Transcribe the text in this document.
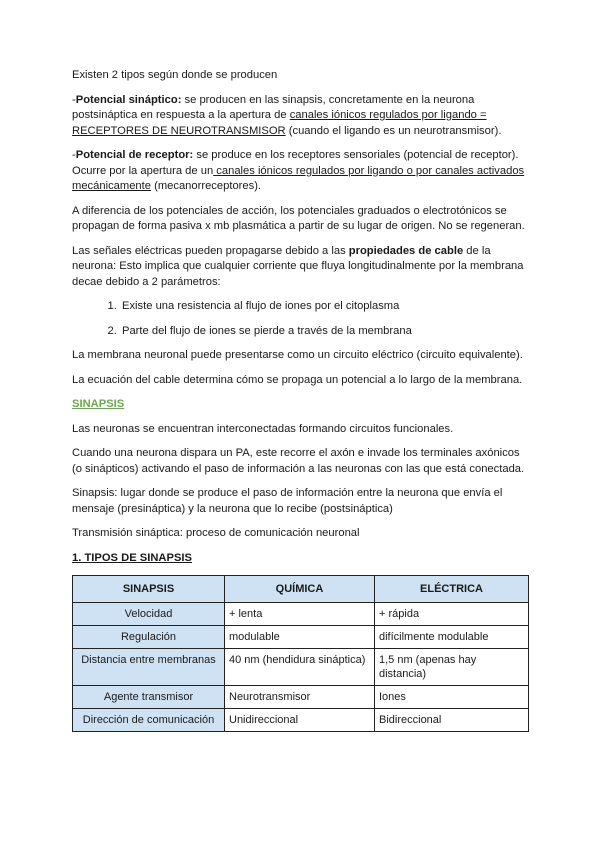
Existen 2 tipos según donde se producen

-Potencial sináptico: se producen en las sinapsis, concretamente en la neurona postsináptica en respuesta a la apertura de canales iónicos regulados por ligando = RECEPTORES DE NEUROTRANSMISOR (cuando el ligando es un neurotransmisor).

-Potencial de receptor: se produce en los receptores sensoriales (potencial de receptor). Ocurre por la apertura de un canales iónicos regulados por ligando o por canales activados mecánicamente (mecanorreceptores).

A diferencia de los potenciales de acción, los potenciales graduados o electrotónicos se propagan de forma pasiva x mb plasmática a partir de su lugar de origen. No se regeneran.

Las señales eléctricas pueden propagarse debido a las propiedades de cable de la neurona: Esto implica que cualquier corriente que fluya longitudinalmente por la membrana decae debido a 2 parámetros:

1. Existe una resistencia al flujo de iones por el citoplasma
2. Parte del flujo de iones se pierde a través de la membrana

La membrana neuronal puede presentarse como un circuito eléctrico (circuito equivalente).

La ecuación del cable determina cómo se propaga un potencial a lo largo de la membrana.

SINAPSIS

Las neuronas se encuentran interconectadas formando circuitos funcionales.

Cuando una neurona dispara un PA, este recorre el axón e invade los terminales axónicos (o sinápticos) activando el paso de información a las neuronas con las que está conectada.

Sinapsis: lugar donde se produce el paso de información entre la neurona que envía el mensaje (presináptica) y la neurona que lo recibe (postsináptica)

Transmisión sináptica: proceso de comunicación neuronal

1. TIPOS DE SINAPSIS

SINAPSIS	QUÍMICA	ELÉCTRICA
Velocidad	+ lenta	+ rápida
Regulación	modulable	difícilmente modulable
Distancia entre membranas	40 nm (hendidura sináptica)	1,5 nm (apenas hay distancia)
Agente transmisor	Neurotransmisor	Iones
Dirección de comunicación	Unidireccional	Bidireccional
